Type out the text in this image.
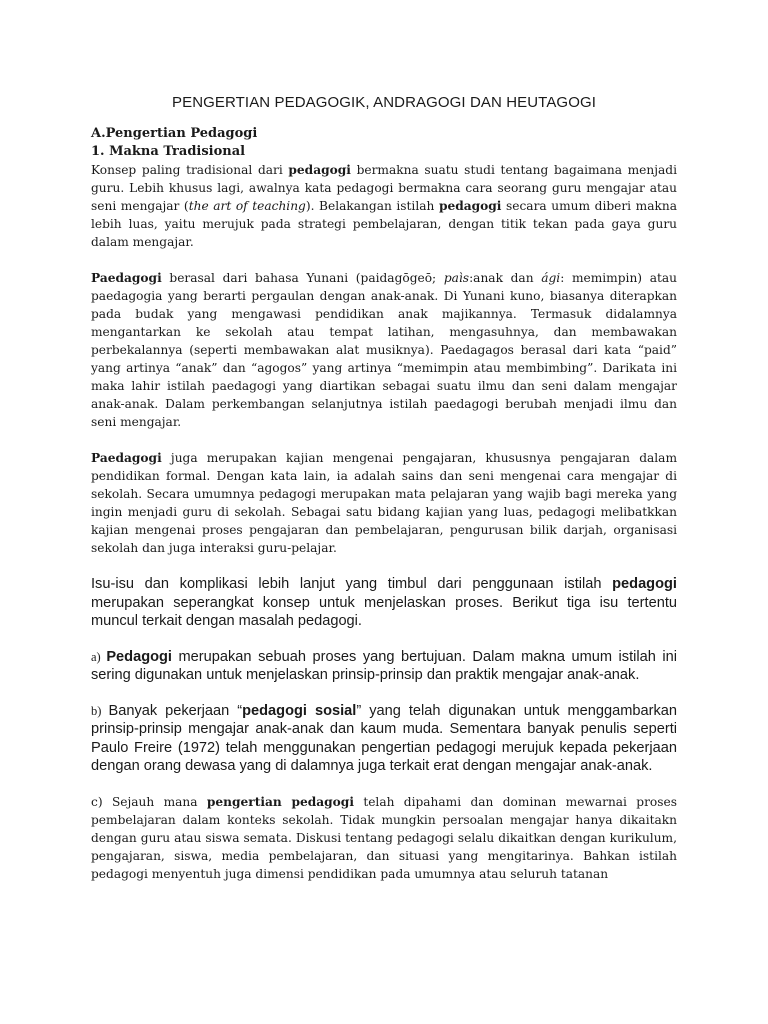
PENGERTIAN PEDAGOGIK, ANDRAGOGI DAN HEUTAGOGI
A.Pengertian Pedagogi
1. Makna Tradisional

Konsep paling tradisional dari pedagogi bermakna suatu studi tentang bagaimana menjadi guru. Lebih khusus lagi, awalnya kata pedagogi bermakna cara seorang guru mengajar atau seni mengajar (the art of teaching). Belakangan istilah pedagogi secara umum diberi makna lebih luas, yaitu merujuk pada strategi pembelajaran, dengan titik tekan pada gaya guru dalam mengajar.

Paedagogi berasal dari bahasa Yunani (paidagōgeō; paìs:anak dan ági: memimpin) atau paedagogia yang berarti pergaulan dengan anak-anak. Di Yunani kuno, biasanya diterapkan pada budak yang mengawasi pendidikan anak majikannya. Termasuk didalamnya mengantarkan ke sekolah atau tempat latihan, mengasuhnya, dan membawakan perbekalannya (seperti membawakan alat musiknya). Paedagagos berasal dari kata “paid” yang artinya “anak” dan “agogos” yang artinya “memimpin atau membimbing”. Darikata ini maka lahir istilah paedagogi yang diartikan sebagai suatu ilmu dan seni dalam mengajar anak-anak. Dalam perkembangan selanjutnya istilah paedagogi berubah menjadi ilmu dan seni mengajar.

Paedagogi juga merupakan kajian mengenai pengajaran, khususnya pengajaran dalam pendidikan formal. Dengan kata lain, ia adalah sains dan seni mengenai cara mengajar di sekolah. Secara umumnya pedagogi merupakan mata pelajaran yang wajib bagi mereka yang ingin menjadi guru di sekolah. Sebagai satu bidang kajian yang luas, pedagogi melibatkkan kajian mengenai proses pengajaran dan pembelajaran, pengurusan bilik darjah, organisasi sekolah dan juga interaksi guru-pelajar.

Isu-isu dan komplikasi lebih lanjut yang timbul dari penggunaan istilah pedagogi merupakan seperangkat konsep untuk menjelaskan proses. Berikut tiga isu tertentu muncul terkait dengan masalah pedagogi.

a) Pedagogi merupakan sebuah proses yang bertujuan. Dalam makna umum istilah ini sering digunakan untuk menjelaskan prinsip-prinsip dan praktik mengajar anak-anak.

b) Banyak pekerjaan “pedagogi sosial” yang telah digunakan untuk menggambarkan prinsip-prinsip mengajar anak-anak dan kaum muda. Sementara banyak penulis seperti Paulo Freire (1972) telah menggunakan pengertian pedagogi merujuk kepada pekerjaan dengan orang dewasa yang di dalamnya juga terkait erat dengan mengajar anak-anak.

c) Sejauh mana pengertian pedagogi telah dipahami dan dominan mewarnai proses pembelajaran dalam konteks sekolah. Tidak mungkin persoalan mengajar hanya dikaitakn dengan guru atau siswa semata. Diskusi tentang pedagogi selalu dikaitkan dengan kurikulum, pengajaran, siswa, media pembelajaran, dan situasi yang mengitarinya. Bahkan istilah pedagogi menyentuh juga dimensi pendidikan pada umumnya atau seluruh tatanan
